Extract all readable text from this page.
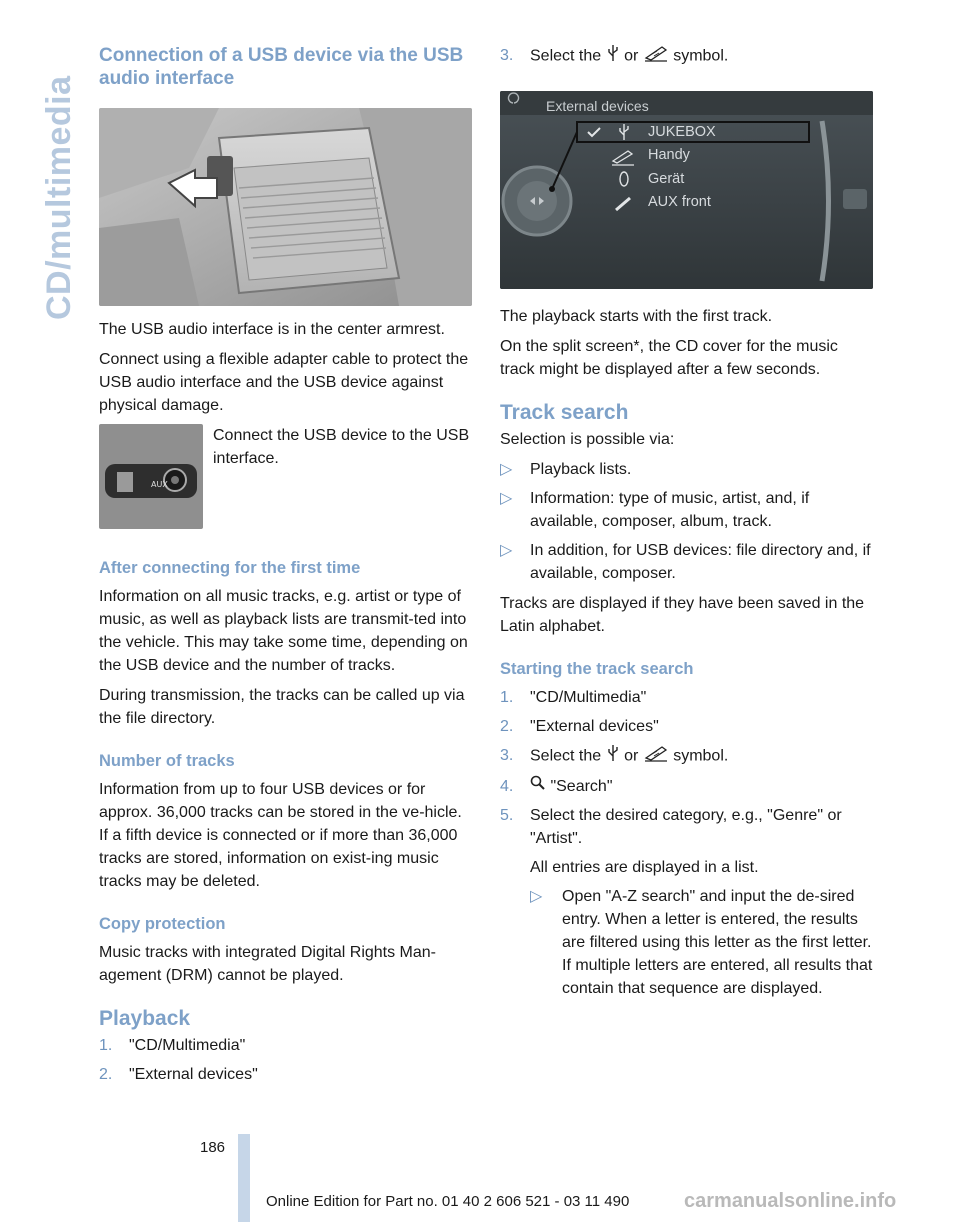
CD/multimedia
Connection of a USB device via the USB audio interface

The USB audio interface is in the center armrest.

Connect using a flexible adapter cable to protect the USB audio interface and the USB device against physical damage.

AUX
Connect the USB device to the USB interface.
After connecting for the first time

Information on all music tracks, e.g. artist or type of music, as well as playback lists are transmit-ted into the vehicle. This may take some time, depending on the USB device and the number of tracks.

During transmission, the tracks can be called up via the file directory.

Number of tracks

Information from up to four USB devices or for approx. 36,000 tracks can be stored in the ve-hicle. If a fifth device is connected or if more than 36,000 tracks are stored, information on exist-ing music tracks may be deleted.

Copy protection

Music tracks with integrated Digital Rights Man-agement (DRM) cannot be played.

Playback
1. "CD/Multimedia"
2. "External devices"
3. Select the or symbol.
External devices
JUKEBOX
Handy
Gerät
AUX front

The playback starts with the first track.

On the split screen*, the CD cover for the music track might be displayed after a few seconds.

Track search

Selection is possible via:

▷ Playback lists.
▷ Information: type of music, artist, and, if available, composer, album, track.
▷ In addition, for USB devices: file directory and, if available, composer.

Tracks are displayed if they have been saved in the Latin alphabet.

Starting the track search
1. "CD/Multimedia"
2. "External devices"
3. Select the or symbol.
4. "Search"
5. Select the desired category, e.g., "Genre" or "Artist".
All entries are displayed in a list.
▷ Open "A-Z search" and input the de-sired entry. When a letter is entered, the results are filtered using this letter as the first letter. If multiple letters are entered, all results that contain that sequence are displayed.
186
Online Edition for Part no. 01 40 2 606 521 - 03 11 490	carmanualsonline.info
